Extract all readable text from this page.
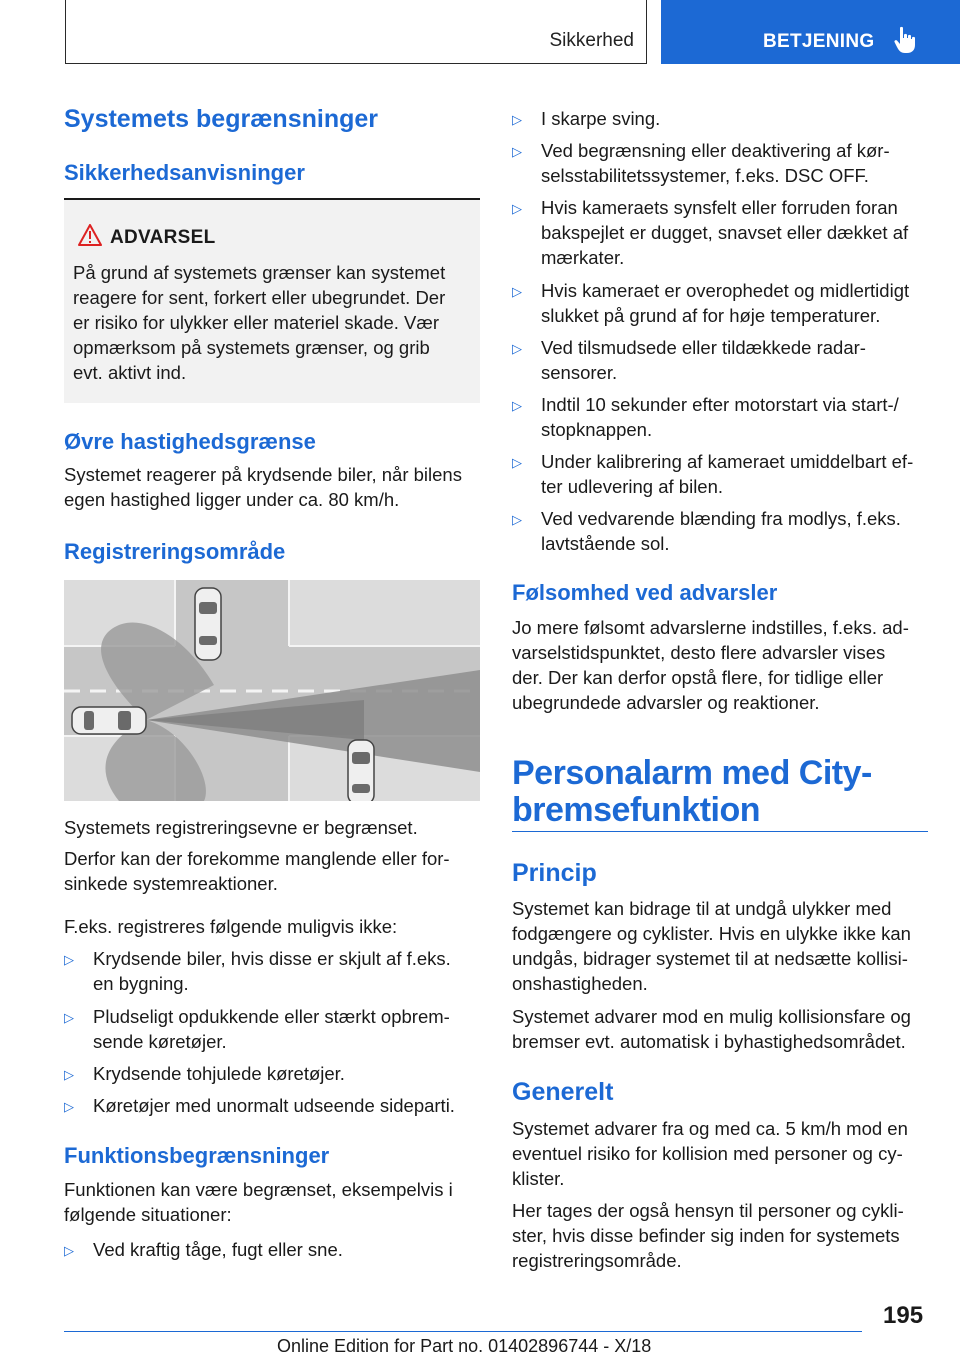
Sikkerhed	BETJENING
Systemets begrænsninger
Sikkerhedsanvisninger
ADVARSEL
På grund af systemets grænser kan systemet
reagere for sent, forkert eller ubegrundet. Der
er risiko for ulykker eller materiel skade. Vær
opmærksom på systemets grænser, og grib
evt. aktivt ind.
Øvre hastighedsgrænse
Systemet reagerer på krydsende biler, når bilens
egen hastighed ligger under ca. 80 km/h.
Registreringsområde
Systemets registreringsevne er begrænset.
Derfor kan der forekomme manglende eller for-
sinkede systemreaktioner.
F.eks. registreres følgende muligvis ikke:
▷ Krydsende biler, hvis disse er skjult af f.eks.
en bygning.
▷ Pludseligt opdukkende eller stærkt opbrem-
sende køretøjer.
▷ Krydsende tohjulede køretøjer.
▷ Køretøjer med unormalt udseende sideparti.
Funktionsbegrænsninger
Funktionen kan være begrænset, eksempelvis i
følgende situationer:
▷ Ved kraftig tåge, fugt eller sne.
▷ I skarpe sving.
▷ Ved begrænsning eller deaktivering af kør-
selsstabilitetssystemer, f.eks. DSC OFF.
▷ Hvis kameraets synsfelt eller forruden foran
bakspejlet er dugget, snavset eller dækket af
mærkater.
▷ Hvis kameraet er overophedet og midlertidigt
slukket på grund af for høje temperaturer.
▷ Ved tilsmudsede eller tildækkede radar-
sensorer.
▷ Indtil 10 sekunder efter motorstart via start-/
stopknappen.
▷ Under kalibrering af kameraet umiddelbart ef-
ter udlevering af bilen.
▷ Ved vedvarende blænding fra modlys, f.eks.
lavtstående sol.
Følsomhed ved advarsler
Jo mere følsomt advarslerne indstilles, f.eks. ad-
varselstidspunktet, desto flere advarsler vises
der. Der kan derfor opstå flere, for tidlige eller
ubegrundede advarsler og reaktioner.
Personalarm med City-
bremsefunktion
Princip
Systemet kan bidrage til at undgå ulykker med
fodgængere og cyklister. Hvis en ulykke ikke kan
undgås, bidrager systemet til at nedsætte kollisi-
onshastigheden.
Systemet advarer mod en mulig kollisionsfare og
bremser evt. automatisk i byhastighedsområdet.
Generelt
Systemet advarer fra og med ca. 5 km/h mod en
eventuel risiko for kollision med personer og cy-
klister.
Her tages der også hensyn til personer og cykli-
ster, hvis disse befinder sig inden for systemets
registreringsområde.
195
Online Edition for Part no. 01402896744 - X/18
